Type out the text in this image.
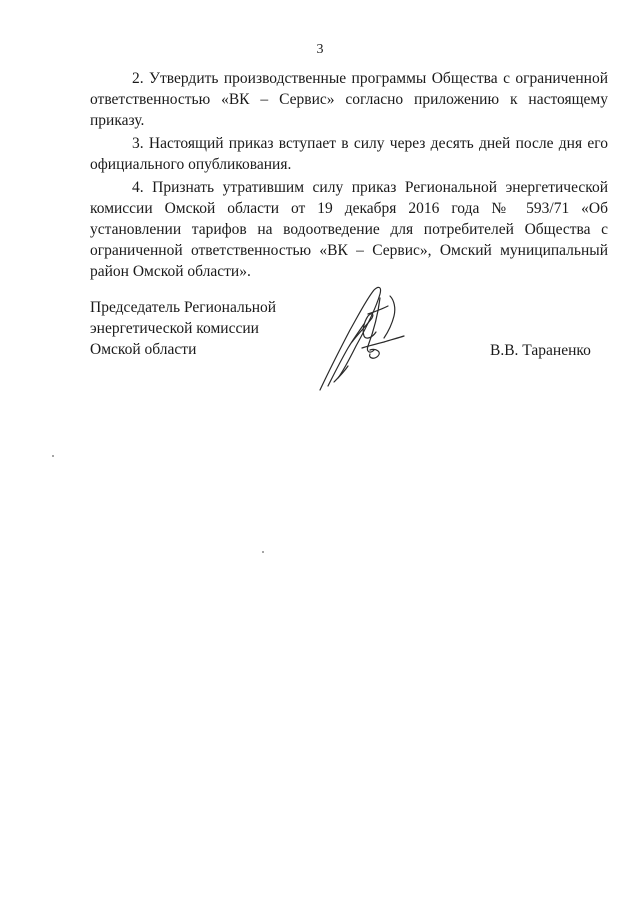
3

2. Утвердить производственные программы Общества с ограниченной ответственностью «ВК – Сервис» согласно приложению к настоящему приказу.

3. Настоящий приказ вступает в силу через десять дней после дня его официального опубликования.

4. Признать утратившим силу приказ Региональной энергетической комиссии Омской области от 19 декабря 2016 года № 593/71 «Об установлении тарифов на водоотведение для потребителей Общества с ограниченной ответственностью «ВК – Сервис», Омский муниципальный район Омской области».

Председатель Региональной
энергетической комиссии
Омской области	В.В. Тараненко
